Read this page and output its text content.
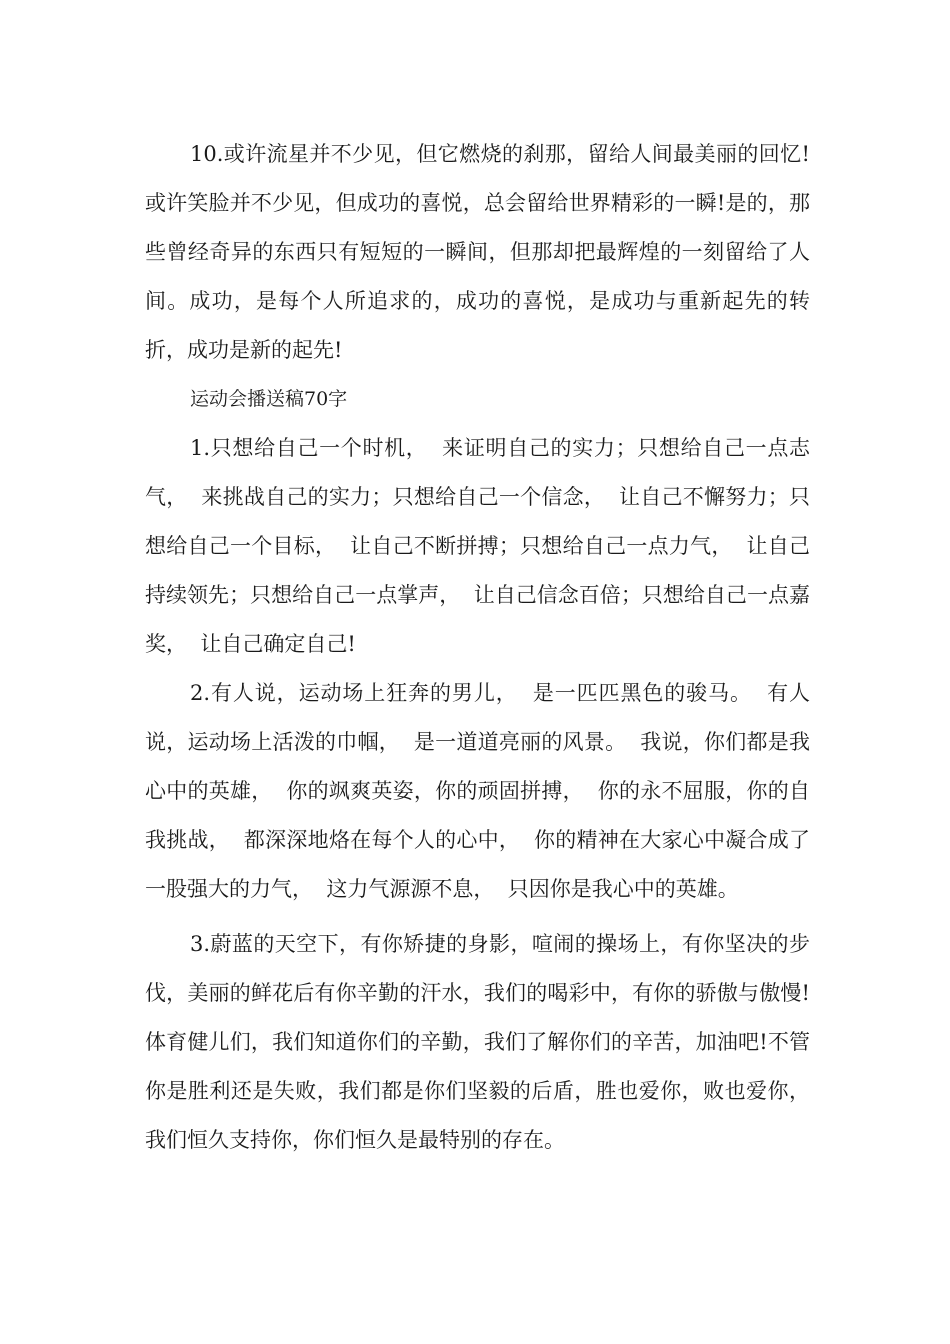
10.或许流星并不少见，但它燃烧的刹那，留给人间最美丽的回忆!或许笑脸并不少见，但成功的喜悦，总会留给世界精彩的一瞬!是的，那些曾经奇异的东西只有短短的一瞬间，但那却把最辉煌的一刻留给了人间。成功，是每个人所追求的，成功的喜悦，是成功与重新起先的转折，成功是新的起先!

运动会播送稿70字

1.只想给自己一个时机，  来证明自己的实力；只想给自己一点志气，  来挑战自己的实力；只想给自己一个信念，  让自己不懈努力；只想给自己一个目标，  让自己不断拼搏；只想给自己一点力气，  让自己持续领先；只想给自己一点掌声，  让自己信念百倍；只想给自己一点嘉奖，  让自己确定自己!

2.有人说，运动场上狂奔的男儿，  是一匹匹黑色的骏马。  有人说，运动场上活泼的巾帼，  是一道道亮丽的风景。  我说，你们都是我心中的英雄，  你的飒爽英姿，你的顽固拼搏，  你的永不屈服，你的自我挑战，  都深深地烙在每个人的心中，  你的精神在大家心中凝合成了一股强大的力气，  这力气源源不息，  只因你是我心中的英雄。

3.蔚蓝的天空下，有你矫捷的身影，喧闹的操场上，有你坚决的步伐，美丽的鲜花后有你辛勤的汗水，我们的喝彩中，有你的骄傲与傲慢!体育健儿们，我们知道你们的辛勤，我们了解你们的辛苦，加油吧!不管你是胜利还是失败，我们都是你们坚毅的后盾，胜也爱你，败也爱你，我们恒久支持你，你们恒久是最特别的存在。
